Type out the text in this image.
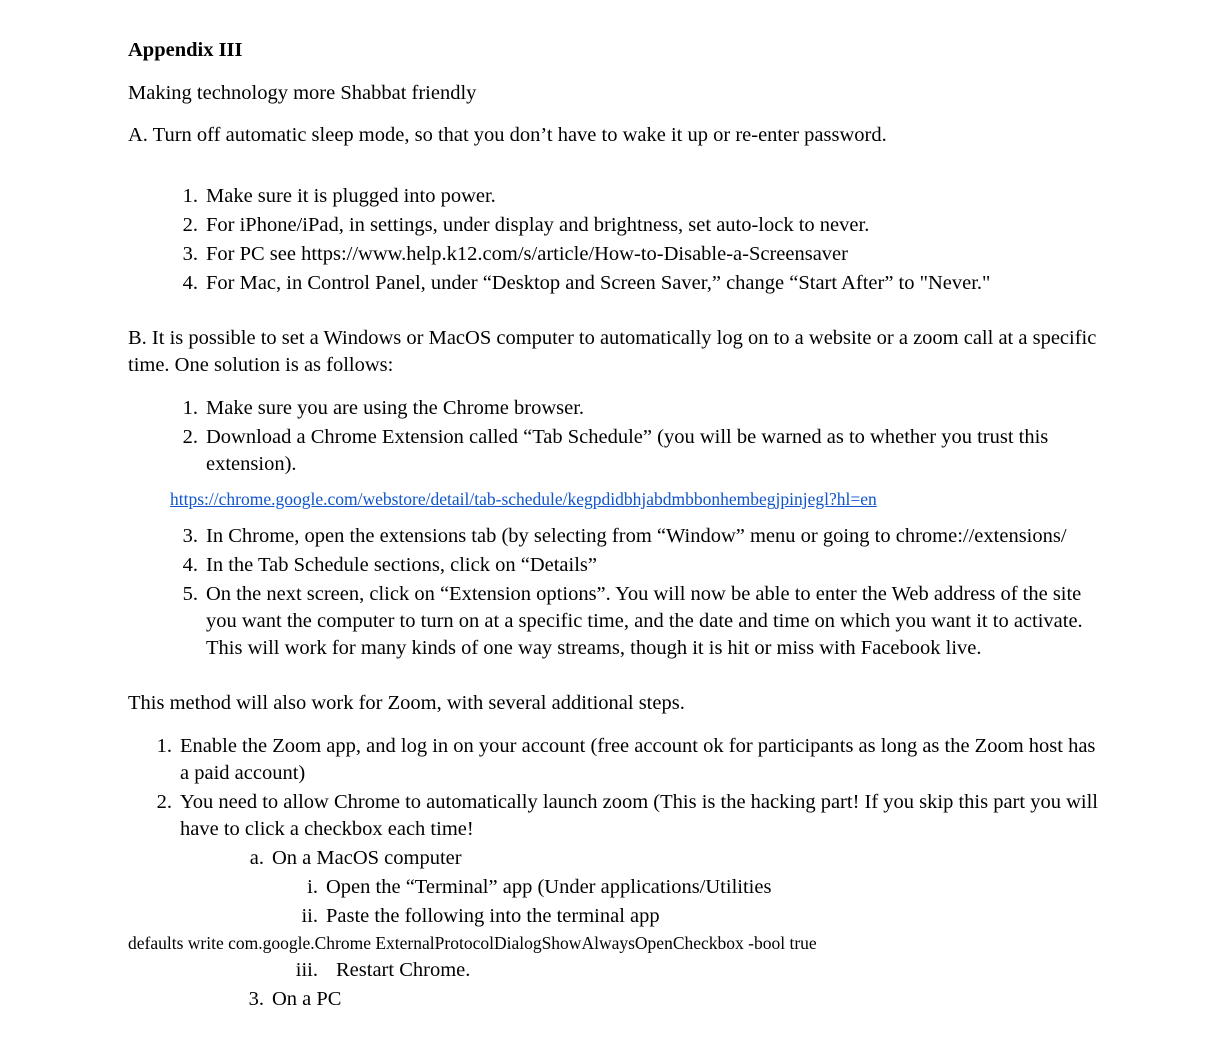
Appendix III
Making technology more Shabbat friendly
A. Turn off automatic sleep mode, so that you don’t have to wake it up or re-enter password.
1. Make sure it is plugged into power.
2. For iPhone/iPad, in settings, under display and brightness, set auto-lock to never.
3. For PC see https://www.help.k12.com/s/article/How-to-Disable-a-Screensaver
4. For Mac, in Control Panel, under “Desktop and Screen Saver,” change “Start After” to "Never."
B. It is possible to set a Windows or MacOS computer to automatically log on to a website or a zoom call at a specific time. One solution is as follows:
1. Make sure you are using the Chrome browser.
2. Download a Chrome Extension called “Tab Schedule” (you will be warned as to whether you trust this extension).
https://chrome.google.com/webstore/detail/tab-schedule/kegpdidbhjabdmbbonhembegjpinjegl?hl=en
3. In Chrome, open the extensions tab (by selecting from “Window” menu or going to chrome://extensions/
4. In the Tab Schedule sections, click on “Details”
5. On the next screen, click on “Extension options”. You will now be able to enter the Web address of the site you want the computer to turn on at a specific time, and the date and time on which you want it to activate. This will work for many kinds of one way streams, though it is hit or miss with Facebook live.
This method will also work for Zoom, with several additional steps.
1. Enable the Zoom app, and log in on your account (free account ok for participants as long as the Zoom host has a paid account)
2. You need to allow Chrome to automatically launch zoom (This is the hacking part! If you skip this part you will have to click a checkbox each time!
a. On a MacOS computer
i. Open the “Terminal” app (Under applications/Utilities
ii. Paste the following into the terminal app
defaults write com.google.Chrome ExternalProtocolDialogShowAlwaysOpenCheckbox -bool true
iii. Restart Chrome.
3. On a PC
